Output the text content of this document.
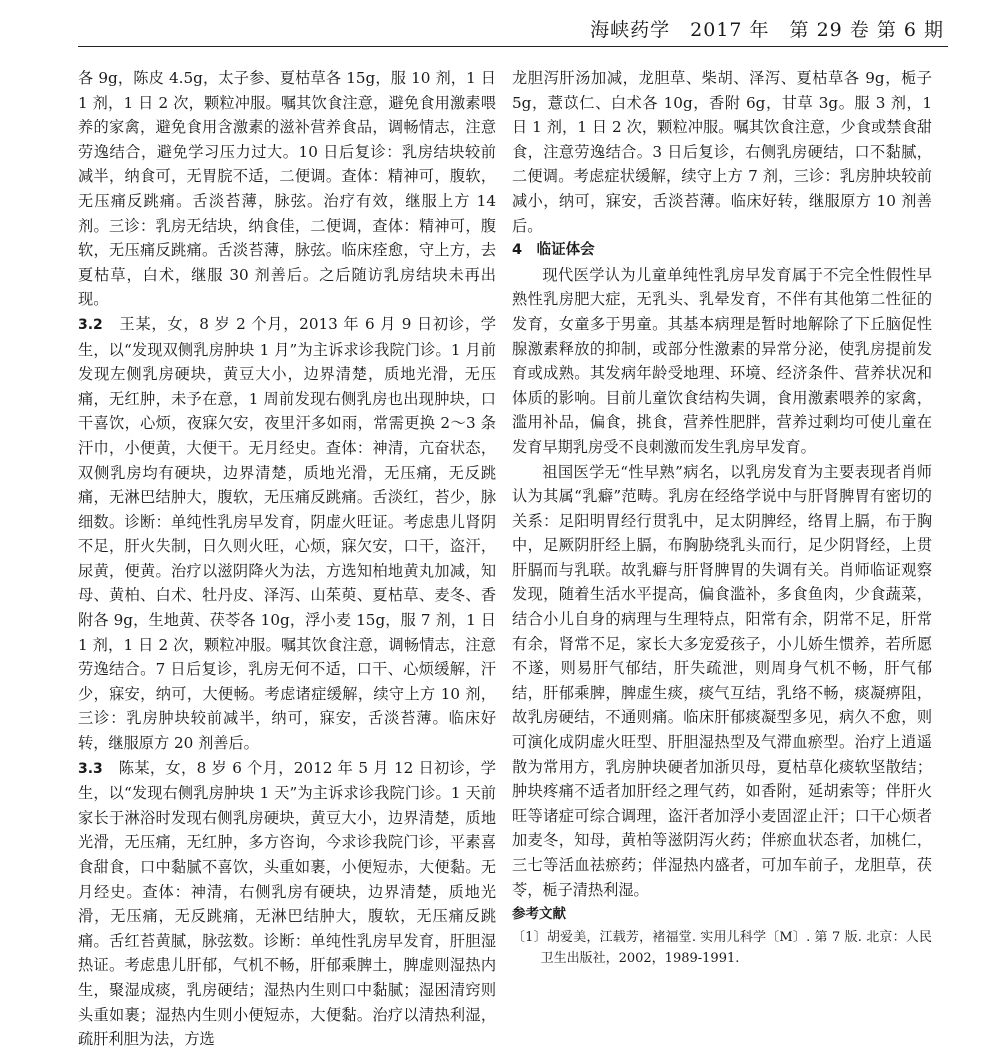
海峡药学　2017 年　第 29 卷 第 6 期

各 9g，陈皮 4.5g，太子参、夏枯草各 15g，服 10 剂，1 日 1 剂，1 日 2 次，颗粒冲服。嘱其饮食注意，避免食用激素喂养的家禽，避免食用含激素的滋补营养食品，调畅情志，注意劳逸结合，避免学习压力过大。10 日后复诊：乳房结块较前减半，纳食可，无胃脘不适，二便调。查体：精神可，腹软，无压痛反跳痛。舌淡苔薄，脉弦。治疗有效，继服上方 14 剂。三诊：乳房无结块，纳食佳，二便调，查体：精神可，腹软，无压痛反跳痛。舌淡苔薄，脉弦。临床痊愈，守上方，去夏枯草，白术，继服 30 剂善后。之后随访乳房结块未再出现。

3.2　王某，女，8 岁 2 个月，2013 年 6 月 9 日初诊，学生，以“发现双侧乳房肿块 1 月”为主诉求诊我院门诊。1 月前发现左侧乳房硬块，黄豆大小，边界清楚，质地光滑，无压痛，无红肿，未予在意，1 周前发现右侧乳房也出现肿块，口干喜饮，心烦，夜寐欠安，夜里汗多如雨，常需更换 2～3 条汗巾，小便黄，大便干。无月经史。查体：神清，亢奋状态，双侧乳房均有硬块，边界清楚，质地光滑，无压痛，无反跳痛，无淋巴结肿大，腹软，无压痛反跳痛。舌淡红，苔少，脉细数。诊断：单纯性乳房早发育，阴虚火旺证。考虑患儿肾阴不足，肝火失制，日久则火旺，心烦，寐欠安，口干，盗汗，尿黄，便黄。治疗以滋阴降火为法，方选知柏地黄丸加减，知母、黄柏、白术、牡丹皮、泽泻、山茱萸、夏枯草、麦冬、香附各 9g，生地黄、茯苓各 10g，浮小麦 15g，服 7 剂，1 日 1 剂，1 日 2 次，颗粒冲服。嘱其饮食注意，调畅情志，注意劳逸结合。7 日后复诊，乳房无何不适，口干、心烦缓解，汗少，寐安，纳可，大便畅。考虑诸症缓解，续守上方 10 剂，三诊：乳房肿块较前减半，纳可，寐安，舌淡苔薄。临床好转，继服原方 20 剂善后。

3.3　陈某，女，8 岁 6 个月，2012 年 5 月 12 日初诊，学生，以“发现右侧乳房肿块 1 天”为主诉求诊我院门诊。1 天前家长于淋浴时发现右侧乳房硬块，黄豆大小，边界清楚，质地光滑，无压痛，无红肿，多方咨询，今求诊我院门诊，平素喜食甜食，口中黏腻不喜饮，头重如裹，小便短赤，大便黏。无月经史。查体：神清，右侧乳房有硬块，边界清楚，质地光滑，无压痛，无反跳痛，无淋巴结肿大，腹软，无压痛反跳痛。舌红苔黄腻，脉弦数。诊断：单纯性乳房早发育，肝胆湿热证。考虑患儿肝郁，气机不畅，肝郁乘脾土，脾虚则湿热内生，聚湿成痰，乳房硬结；湿热内生则口中黏腻；湿困清窍则头重如裹；湿热内生则小便短赤，大便黏。治疗以清热利湿，疏肝利胆为法，方选

龙胆泻肝汤加减，龙胆草、柴胡、泽泻、夏枯草各 9g，栀子 5g，薏苡仁、白术各 10g，香附 6g，甘草 3g。服 3 剂，1 日 1 剂，1 日 2 次，颗粒冲服。嘱其饮食注意，少食或禁食甜食，注意劳逸结合。3 日后复诊，右侧乳房硬结，口不黏腻，二便调。考虑症状缓解，续守上方 7 剂，三诊：乳房肿块较前减小，纳可，寐安，舌淡苔薄。临床好转，继服原方 10 剂善后。

4　临证体会

现代医学认为儿童单纯性乳房早发育属于不完全性假性早熟性乳房肥大症，无乳头、乳晕发育，不伴有其他第二性征的发育，女童多于男童。其基本病理是暂时地解除了下丘脑促性腺激素释放的抑制，或部分性激素的异常分泌，使乳房提前发育或成熟。其发病年龄受地理、环境、经济条件、营养状况和体质的影响。目前儿童饮食结构失调，食用激素喂养的家禽，滥用补品，偏食，挑食，营养性肥胖，营养过剩均可使儿童在发育早期乳房受不良刺激而发生乳房早发育。

祖国医学无“性早熟”病名，以乳房发育为主要表现者肖师认为其属“乳癖”范畴。乳房在经络学说中与肝肾脾胃有密切的关系：足阳明胃经行贯乳中，足太阴脾经，络胃上膈，布于胸中，足厥阴肝经上膈，布胸胁绕乳头而行，足少阴肾经，上贯肝膈而与乳联。故乳癖与肝肾脾胃的失调有关。肖师临证观察发现，随着生活水平提高，偏食滥补，多食鱼肉，少食蔬菜，结合小儿自身的病理与生理特点，阳常有余，阴常不足，肝常有余，肾常不足，家长大多宠爱孩子，小儿娇生惯养，若所愿不遂，则易肝气郁结，肝失疏泄，则周身气机不畅，肝气郁结，肝郁乘脾，脾虚生痰，痰气互结，乳络不畅，痰凝痹阻，故乳房硬结，不通则痛。临床肝郁痰凝型多见，病久不愈，则可演化成阴虚火旺型、肝胆湿热型及气滞血瘀型。治疗上逍遥散为常用方，乳房肿块硬者加浙贝母，夏枯草化痰软坚散结；肿块疼痛不适者加肝经之理气药，如香附，延胡索等；伴肝火旺等诸症可综合调理，盗汗者加浮小麦固涩止汗；口干心烦者加麦冬，知母，黄柏等滋阴泻火药；伴瘀血状态者，加桃仁，三七等活血祛瘀药；伴湿热内盛者，可加车前子，龙胆草，茯苓，栀子清热利湿。

参考文献

〔1〕胡爱美，江载芳，褚福堂. 实用儿科学〔M〕. 第 7 版. 北京：人民卫生出版社，2002，1989-1991.
